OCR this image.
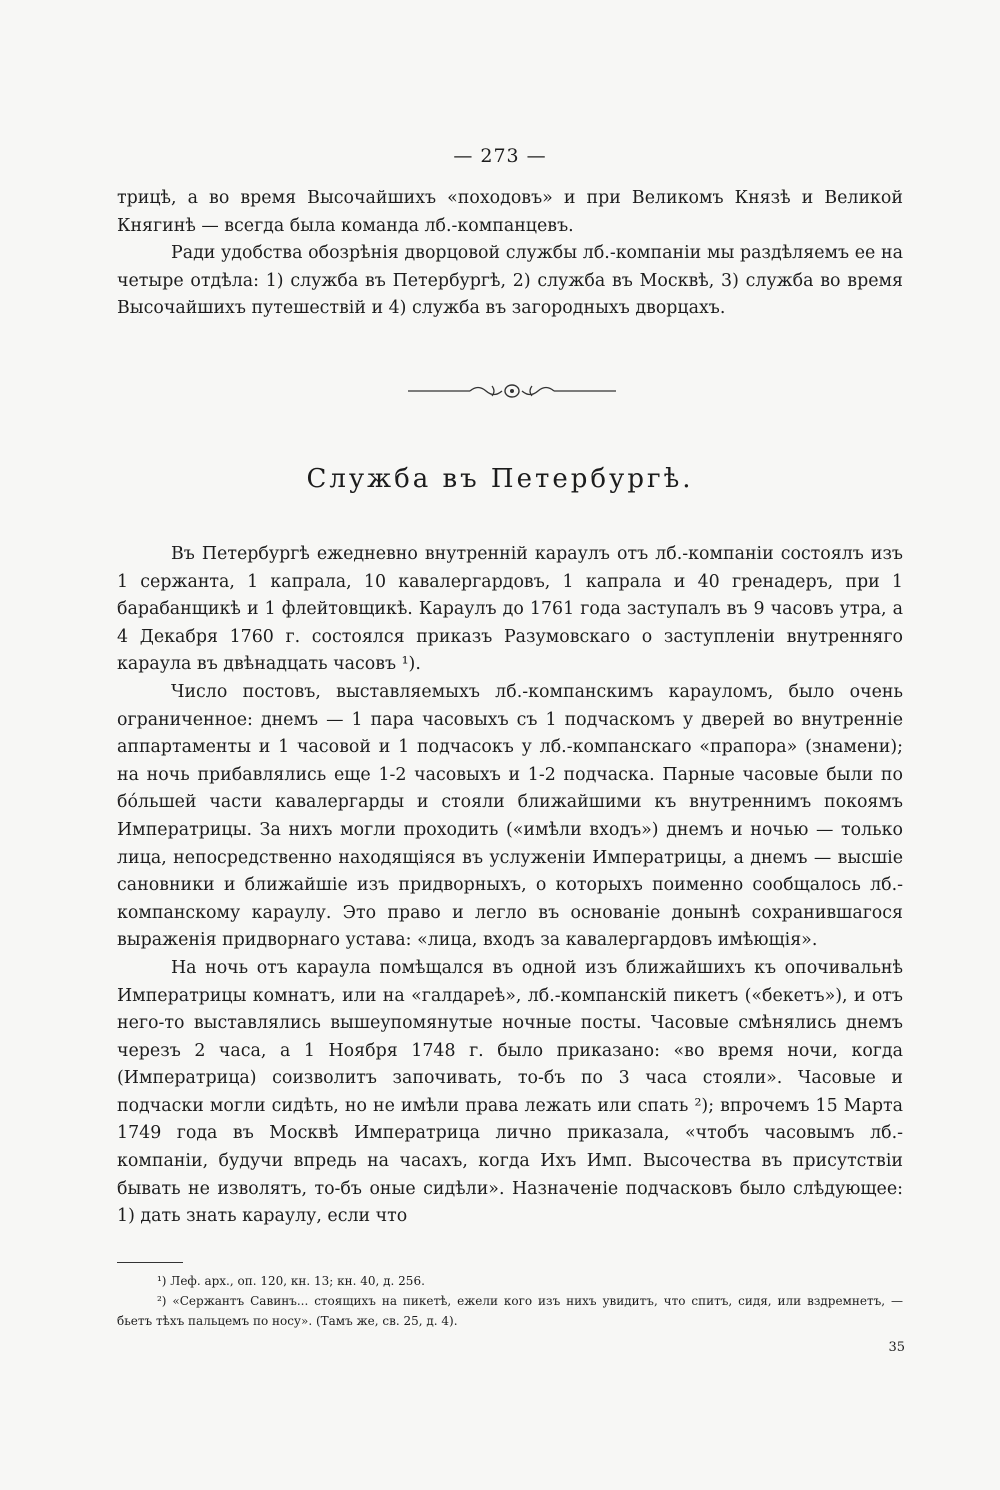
— 273 —

трицѣ, а во время Высочайшихъ «походовъ» и при Великомъ Князѣ и Великой Княгинѣ — всегда была команда лб.-компанцевъ.

Ради удобства обозрѣнія дворцовой службы лб.-компаніи мы раздѣляемъ ее на четыре отдѣла: 1) служба въ Петербургѣ, 2) служба въ Москвѣ, 3) служба во время Высочайшихъ путешествій и 4) служба въ загородныхъ дворцахъ.

Служба въ Петербургѣ.

Въ Петербургѣ ежедневно внутренній караулъ отъ лб.-компаніи состоялъ изъ 1 сержанта, 1 капрала, 10 кавалергардовъ, 1 капрала и 40 гренадеръ, при 1 барабанщикѣ и 1 флейтовщикѣ. Караулъ до 1761 года заступалъ въ 9 часовъ утра, а 4 Декабря 1760 г. состоялся приказъ Разумовскаго о заступленіи внутренняго караула въ двѣнадцать часовъ ¹).

Число постовъ, выставляемыхъ лб.-компанскимъ карауломъ, было очень ограниченное: днемъ — 1 пара часовыхъ съ 1 подчаскомъ у дверей во внутренніе аппартаменты и 1 часовой и 1 подчасокъ у лб.-компанскаго «прапора» (знамени); на ночь прибавлялись еще 1-2 часовыхъ и 1-2 подчаска. Парные часовые были по бо́льшей части кавалергарды и стояли ближайшими къ внутреннимъ покоямъ Императрицы. За нихъ могли проходить («имѣли входъ») днемъ и ночью — только лица, непосредственно находящіяся въ услуженіи Императрицы, а днемъ — высшіе сановники и ближайшіе изъ придворныхъ, о которыхъ поименно сообщалось лб.-компанскому караулу. Это право и легло въ основаніе донынѣ сохранившагося выраженія придворнаго устава: «лица, входъ за кавалергардовъ имѣющія».

На ночь отъ караула помѣщался въ одной изъ ближайшихъ къ опочивальнѣ Императрицы комнатъ, или на «галдареѣ», лб.-компанскій пикетъ («бекетъ»), и отъ него-то выставлялись вышеупомянутые ночные посты. Часовые смѣнялись днемъ черезъ 2 часа, а 1 Ноября 1748 г. было приказано: «во время ночи, когда (Императрица) соизволитъ започивать, то-бъ по 3 часа стояли». Часовые и подчаски могли сидѣть, но не имѣли права лежать или спать ²); впрочемъ 15 Марта 1749 года въ Москвѣ Императрица лично приказала, «чтобъ часовымъ лб.-компаніи, будучи впредь на часахъ, когда Ихъ Имп. Высочества въ присутствіи бывать не изволятъ, то-бъ оные сидѣли». Назначеніе подчасковъ было слѣдующее: 1) дать знать караулу, если что

¹) Леф. арх., оп. 120, кн. 13; кн. 40, д. 256.

²) «Сержантъ Савинъ... стоящихъ на пикетѣ, ежели кого изъ нихъ увидитъ, что спитъ, сидя, или вздремнетъ, — бьетъ тѣхъ пальцемъ по носу». (Тамъ же, св. 25, д. 4).

35
